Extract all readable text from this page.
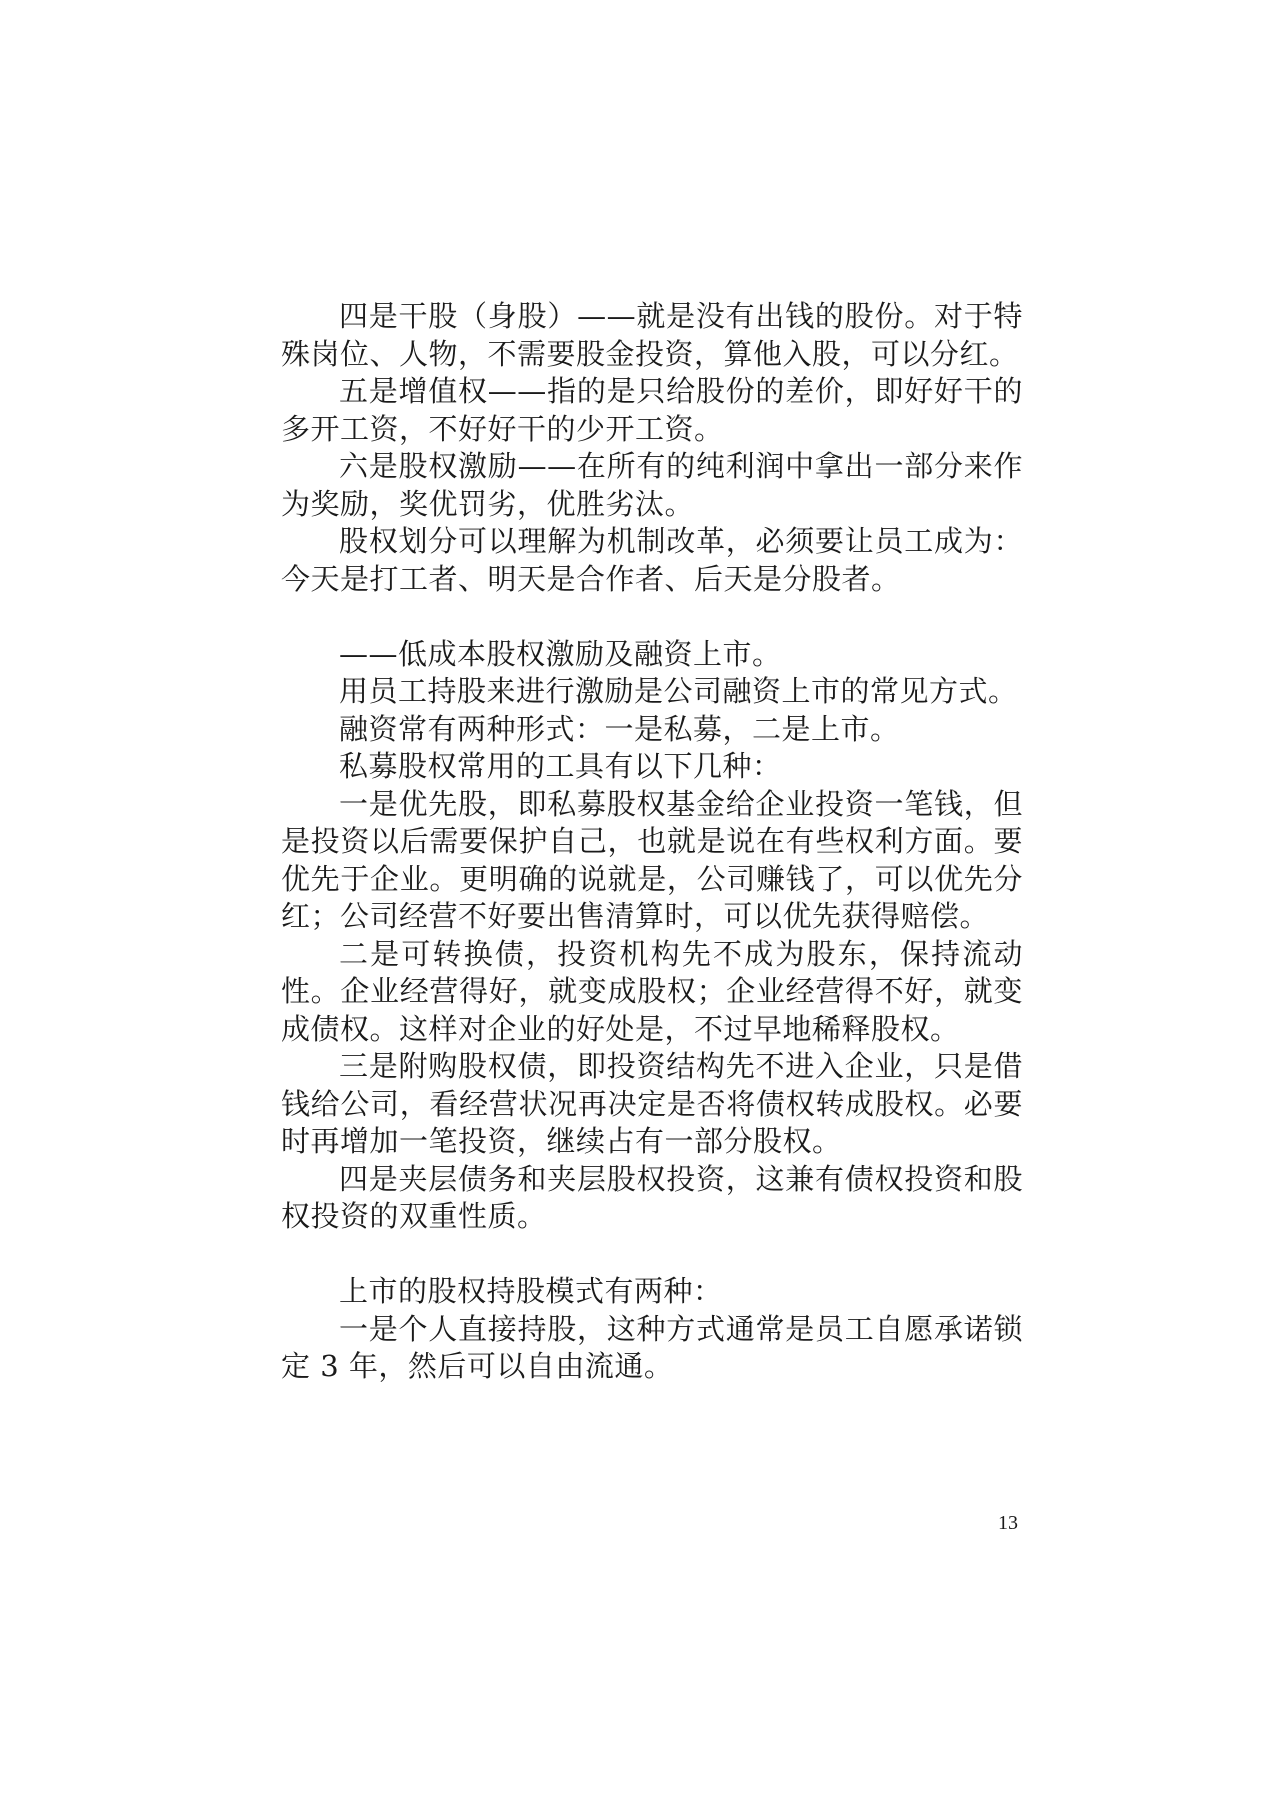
四是干股（身股）——就是没有出钱的股份。对于特殊岗位、人物，不需要股金投资，算他入股，可以分红。

五是增值权——指的是只给股份的差价，即好好干的多开工资，不好好干的少开工资。

六是股权激励——在所有的纯利润中拿出一部分来作为奖励，奖优罚劣，优胜劣汰。

股权划分可以理解为机制改革，必须要让员工成为：今天是打工者、明天是合作者、后天是分股者。

——低成本股权激励及融资上市。

用员工持股来进行激励是公司融资上市的常见方式。

融资常有两种形式：一是私募，二是上市。

私募股权常用的工具有以下几种：

一是优先股，即私募股权基金给企业投资一笔钱，但是投资以后需要保护自己，也就是说在有些权利方面。要优先于企业。更明确的说就是，公司赚钱了，可以优先分红；公司经营不好要出售清算时，可以优先获得赔偿。

二是可转换债，投资机构先不成为股东，保持流动性。企业经营得好，就变成股权；企业经营得不好，就变成债权。这样对企业的好处是，不过早地稀释股权。

三是附购股权债，即投资结构先不进入企业，只是借钱给公司，看经营状况再决定是否将债权转成股权。必要时再增加一笔投资，继续占有一部分股权。

四是夹层债务和夹层股权投资，这兼有债权投资和股权投资的双重性质。

上市的股权持股模式有两种：

一是个人直接持股，这种方式通常是员工自愿承诺锁定 3 年，然后可以自由流通。

13
